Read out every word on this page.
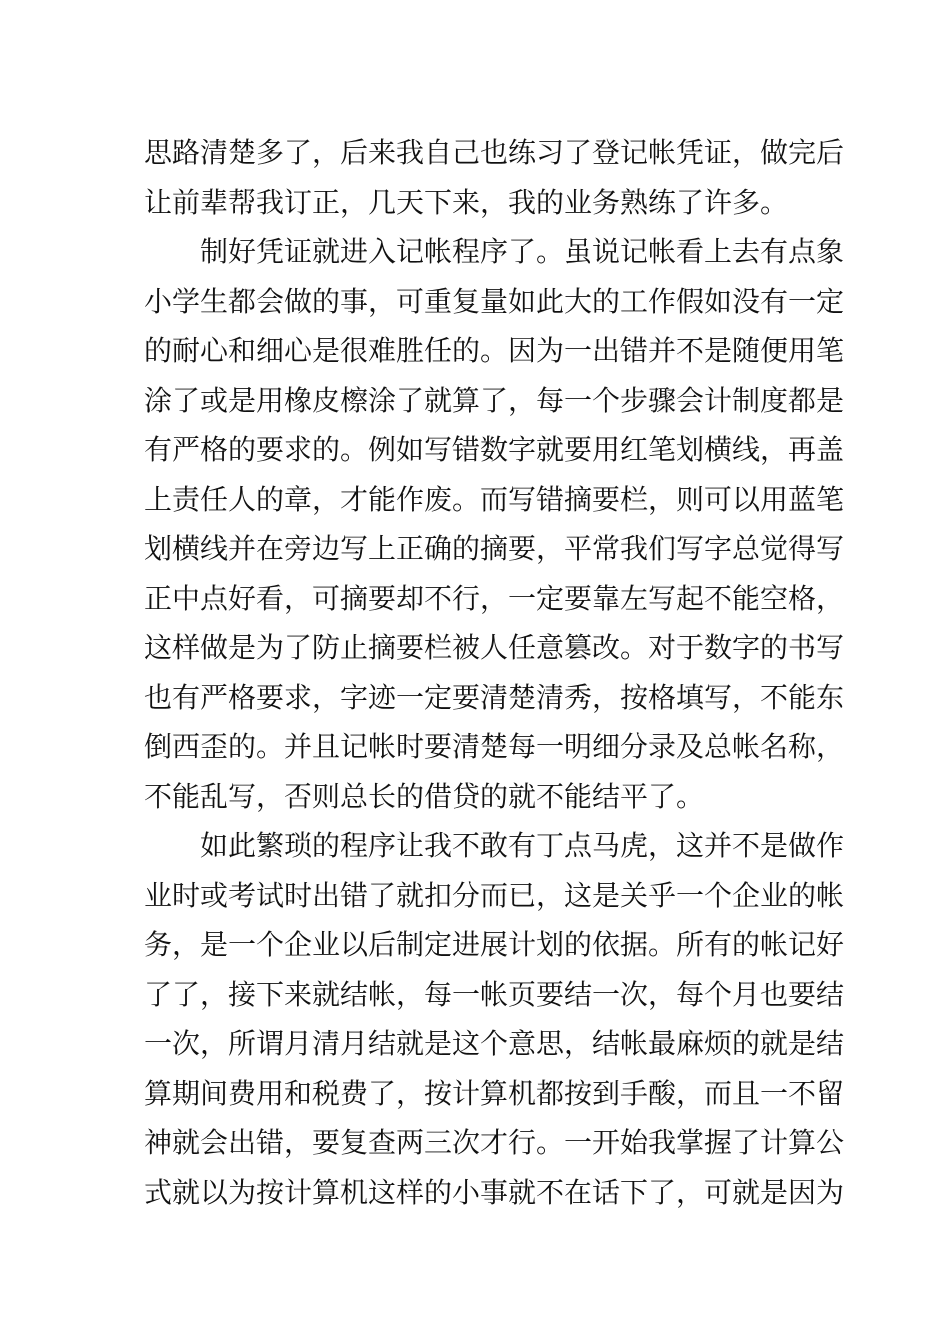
思路清楚多了，后来我自己也练习了登记帐凭证，做完后
让前辈帮我订正，几天下来，我的业务熟练了许多。
　　制好凭证就进入记帐程序了。虽说记帐看上去有点象
小学生都会做的事，可重复量如此大的工作假如没有一定
的耐心和细心是很难胜任的。因为一出错并不是随便用笔
涂了或是用橡皮檫涂了就算了，每一个步骤会计制度都是
有严格的要求的。例如写错数字就要用红笔划横线，再盖
上责任人的章，才能作废。而写错摘要栏，则可以用蓝笔
划横线并在旁边写上正确的摘要，平常我们写字总觉得写
正中点好看，可摘要却不行，一定要靠左写起不能空格，
这样做是为了防止摘要栏被人任意篡改。对于数字的书写
也有严格要求，字迹一定要清楚清秀，按格填写，不能东
倒西歪的。并且记帐时要清楚每一明细分录及总帐名称，
不能乱写，否则总长的借贷的就不能结平了。
　　如此繁琐的程序让我不敢有丁点马虎，这并不是做作
业时或考试时出错了就扣分而已，这是关乎一个企业的帐
务，是一个企业以后制定进展计划的依据。所有的帐记好
了了，接下来就结帐，每一帐页要结一次，每个月也要结
一次，所谓月清月结就是这个意思，结帐最麻烦的就是结
算期间费用和税费了，按计算机都按到手酸，而且一不留
神就会出错，要复查两三次才行。一开始我掌握了计算公
式就以为按计算机这样的小事就不在话下了，可就是因为
